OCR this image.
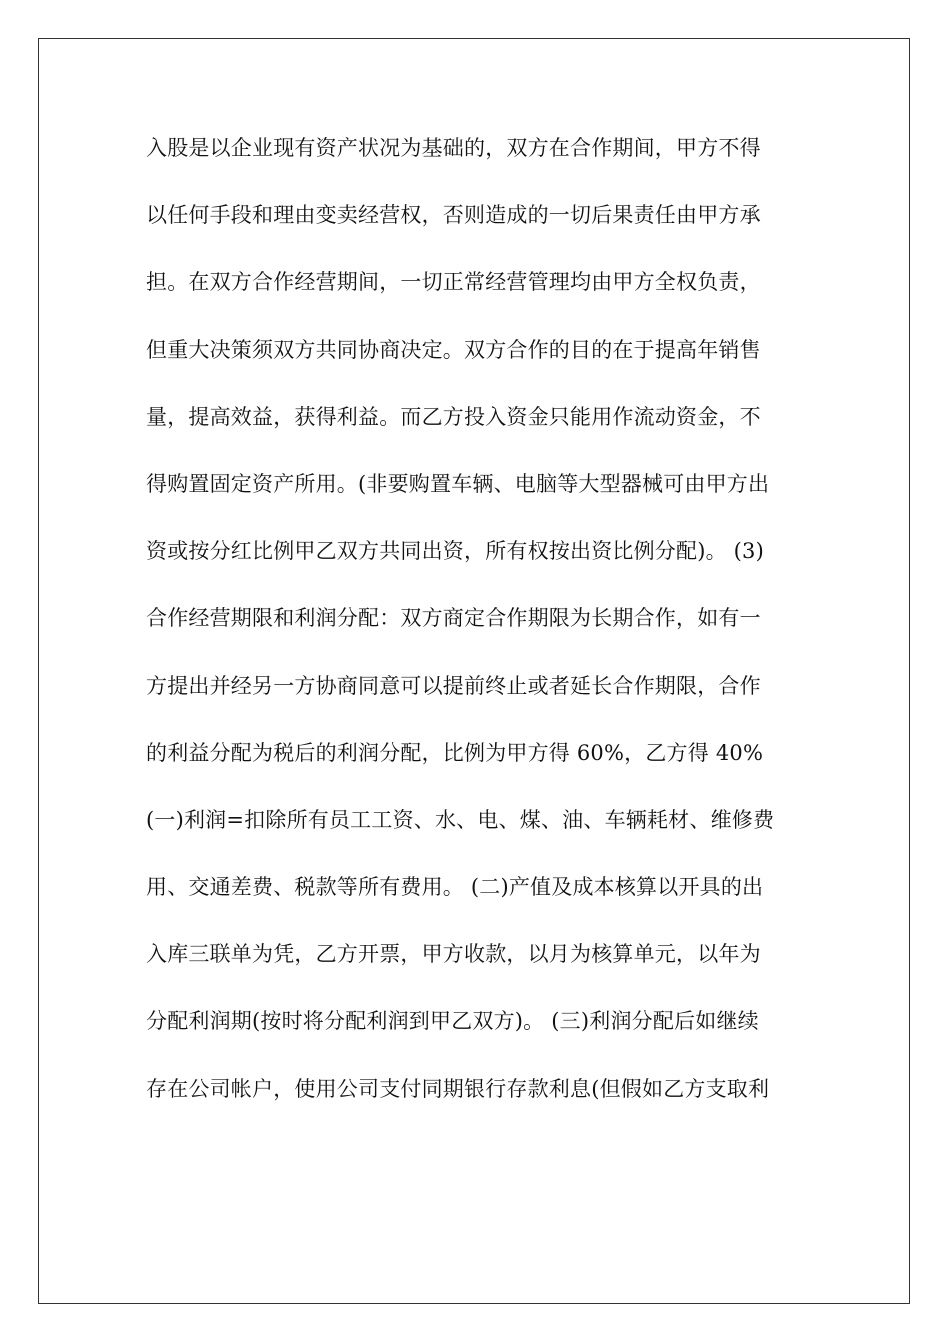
入股是以企业现有资产状况为基础的，双方在合作期间，甲方不得
以任何手段和理由变卖经营权，否则造成的一切后果责任由甲方承
担。在双方合作经营期间，一切正常经营管理均由甲方全权负责，
但重大决策须双方共同协商决定。双方合作的目的在于提高年销售
量，提高效益，获得利益。而乙方投入资金只能用作流动资金，不
得购置固定资产所用。(非要购置车辆、电脑等大型器械可由甲方出
资或按分红比例甲乙双方共同出资，所有权按出资比例分配)。 (3)
合作经营期限和利润分配：双方商定合作期限为长期合作，如有一
方提出并经另一方协商同意可以提前终止或者延长合作期限，合作
的利益分配为税后的利润分配，比例为甲方得 60%，乙方得 40%
(一)利润=扣除所有员工工资、水、电、煤、油、车辆耗材、维修费
用、交通差费、税款等所有费用。 (二)产值及成本核算以开具的出
入库三联单为凭，乙方开票，甲方收款，以月为核算单元，以年为
分配利润期(按时将分配利润到甲乙双方)。 (三)利润分配后如继续
存在公司帐户，使用公司支付同期银行存款利息(但假如乙方支取利
